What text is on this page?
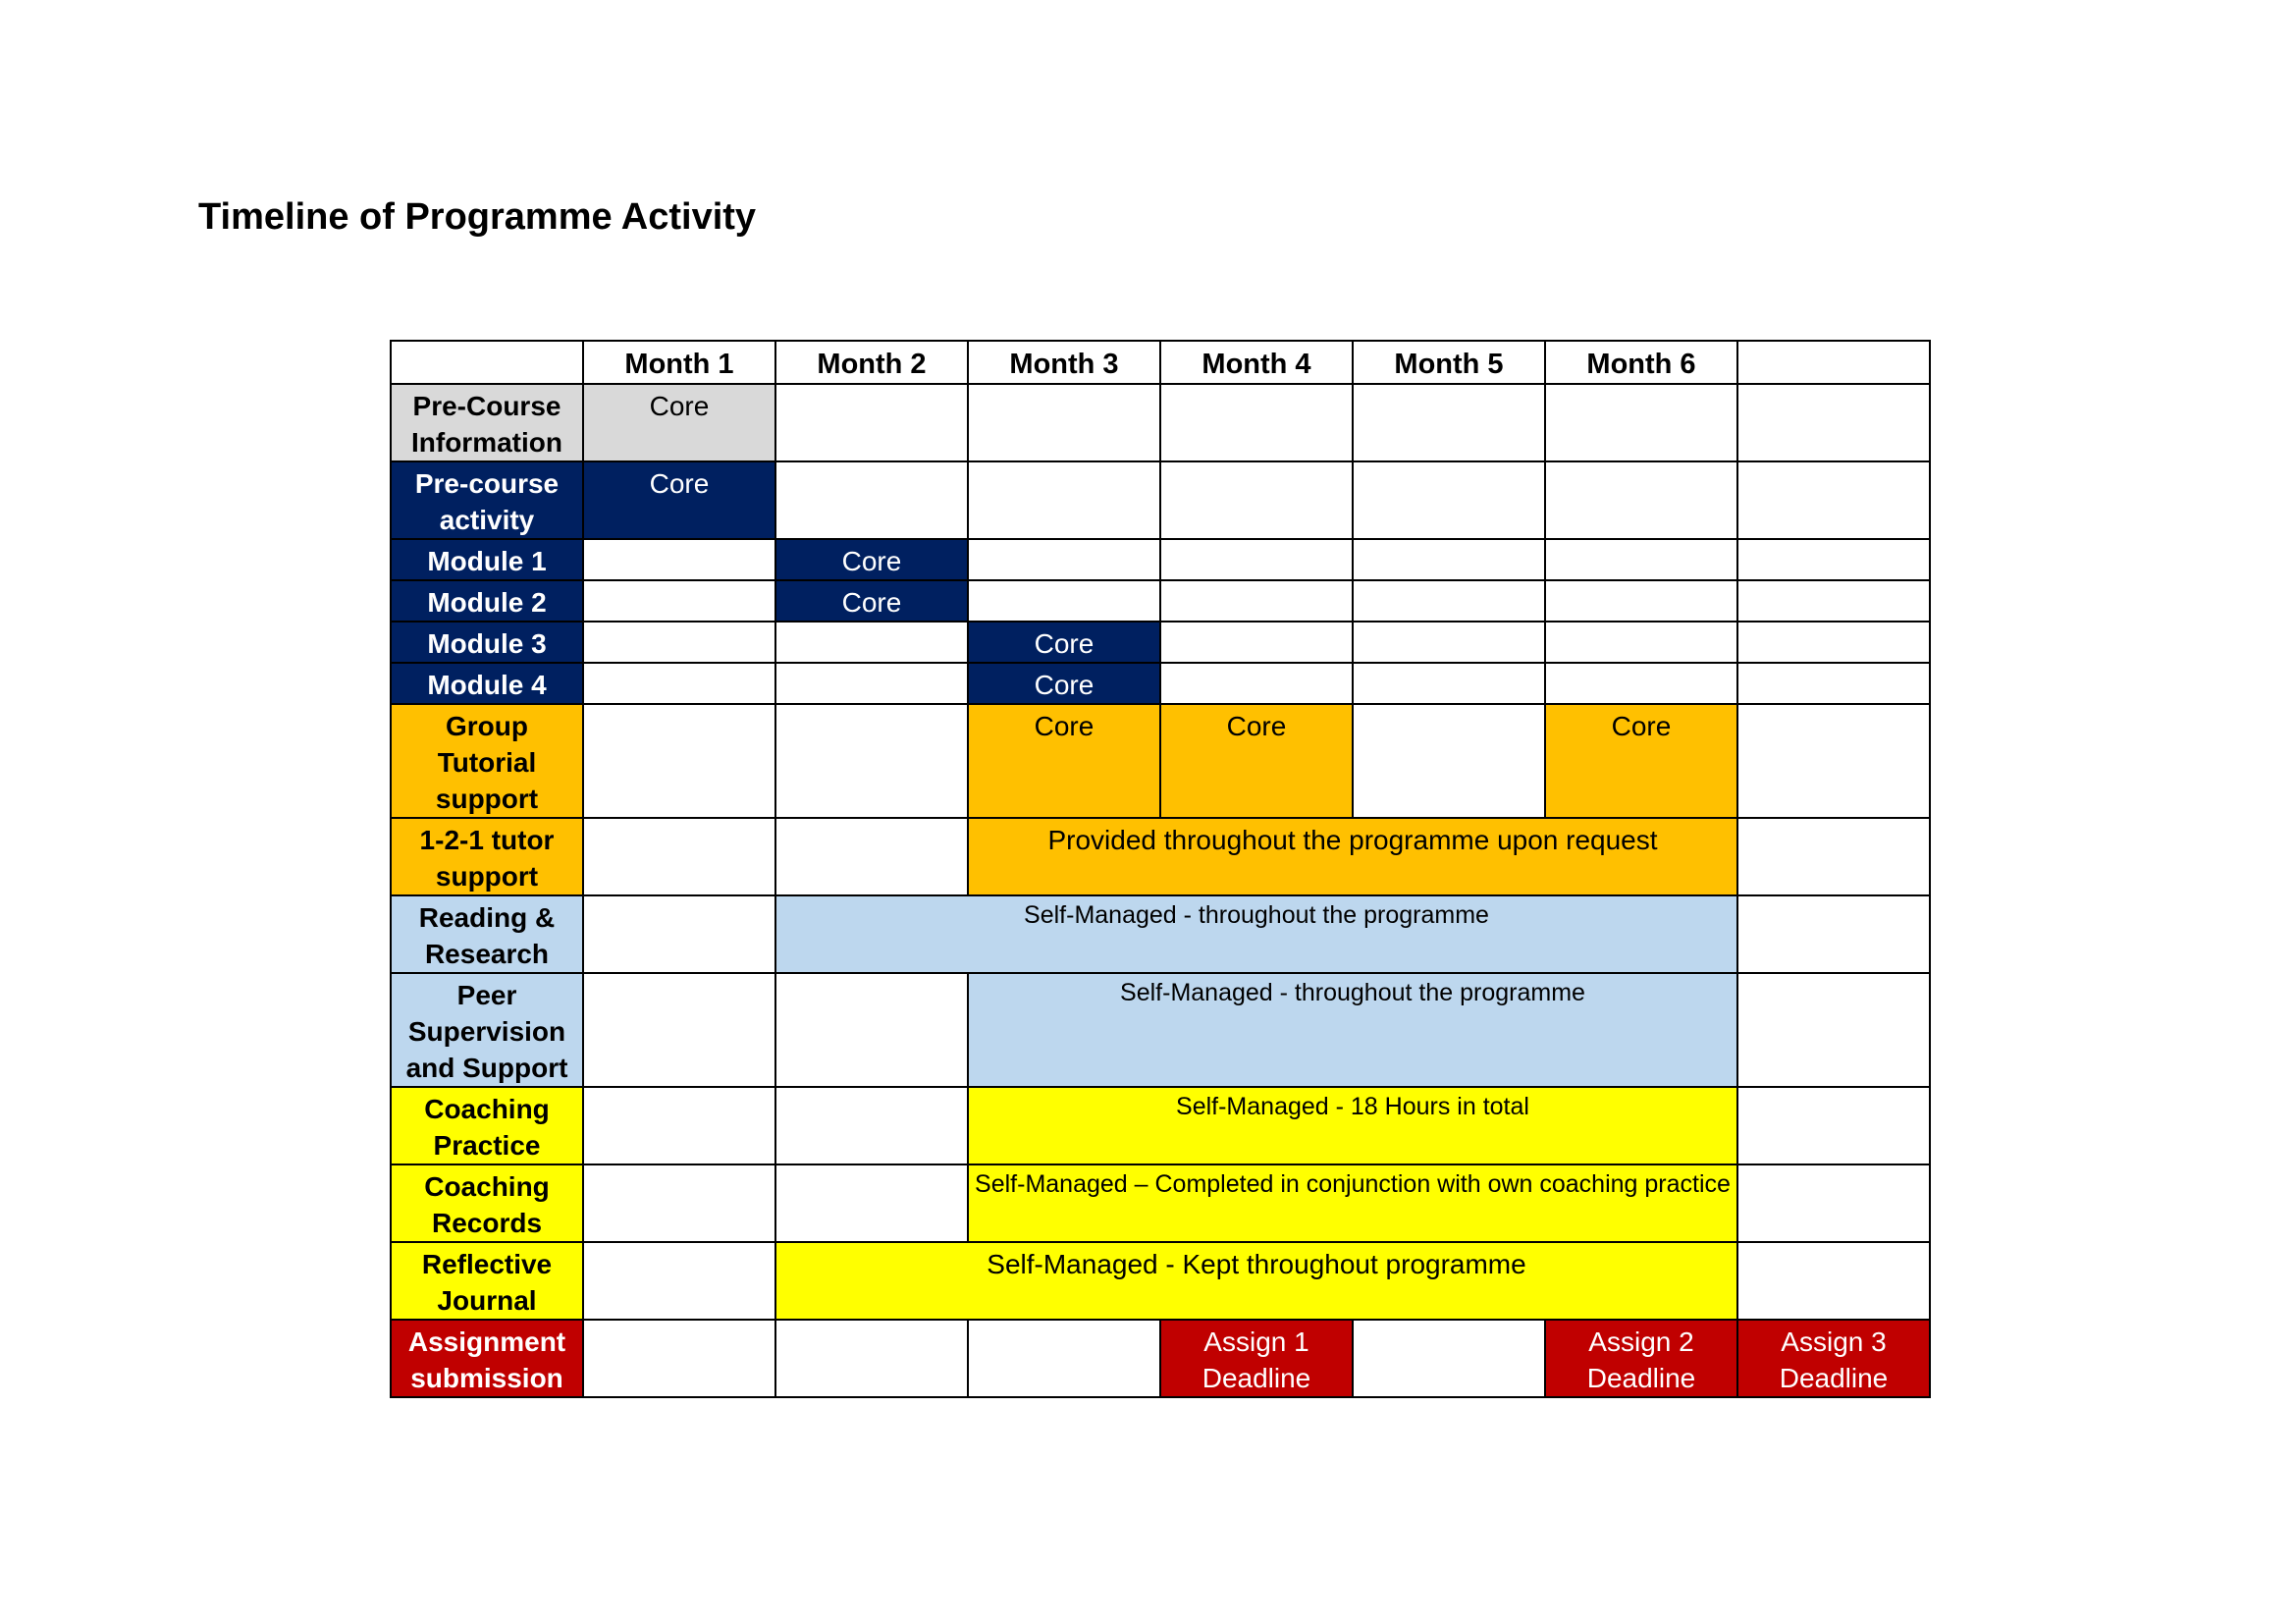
Timeline of Programme Activity
	Month 1	Month 2	Month 3	Month 4	Month 5	Month 6	
Pre-Course Information	Core						
Pre-course activity	Core						
Module 1		Core					
Module 2		Core					
Module 3			Core				
Module 4			Core				
Group Tutorial support			Core	Core		Core	
1-2-1 tutor support			Provided throughout the programme upon request				
Reading & Research		Self-Managed - throughout the programme					
Peer Supervision and Support			Self-Managed - throughout the programme				
Coaching Practice			Self-Managed - 18 Hours in total				
Coaching Records			Self-Managed – Completed in conjunction with own coaching practice				
Reflective Journal		Self-Managed - Kept throughout programme					
Assignment submission				Assign 1 Deadline		Assign 2 Deadline	Assign 3 Deadline
